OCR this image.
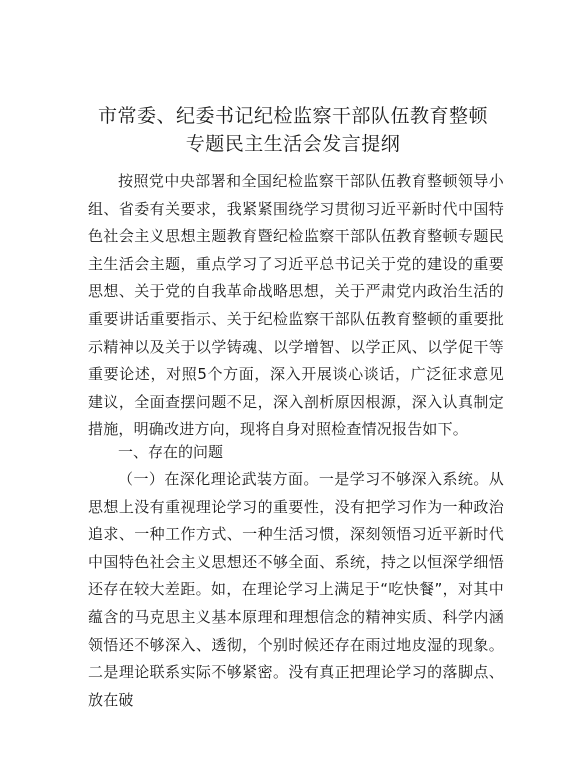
市常委、纪委书记纪检监察干部队伍教育整顿
专题民主生活会发言提纲

按照党中央部署和全国纪检监察干部队伍教育整顿领导小组、省委有关要求，我紧紧围绕学习贯彻习近平新时代中国特色社会主义思想主题教育暨纪检监察干部队伍教育整顿专题民主生活会主题，重点学习了习近平总书记关于党的建设的重要思想、关于党的自我革命战略思想，关于严肃党内政治生活的重要讲话重要指示、关于纪检监察干部队伍教育整顿的重要批示精神以及关于以学铸魂、以学增智、以学正风、以学促干等重要论述，对照5个方面，深入开展谈心谈话，广泛征求意见建议，全面查摆问题不足，深入剖析原因根源，深入认真制定措施，明确改进方向，现将自身对照检查情况报告如下。

一、存在的问题

（一）在深化理论武装方面。一是学习不够深入系统。从思想上没有重视理论学习的重要性，没有把学习作为一种政治追求、一种工作方式、一种生活习惯，深刻领悟习近平新时代中国特色社会主义思想还不够全面、系统，持之以恒深学细悟还存在较大差距。如，在理论学习上满足于“吃快餐”，对其中蕴含的马克思主义基本原理和理想信念的精神实质、科学内涵领悟还不够深入、透彻，个别时候还存在雨过地皮湿的现象。二是理论联系实际不够紧密。没有真正把理论学习的落脚点、放在破
